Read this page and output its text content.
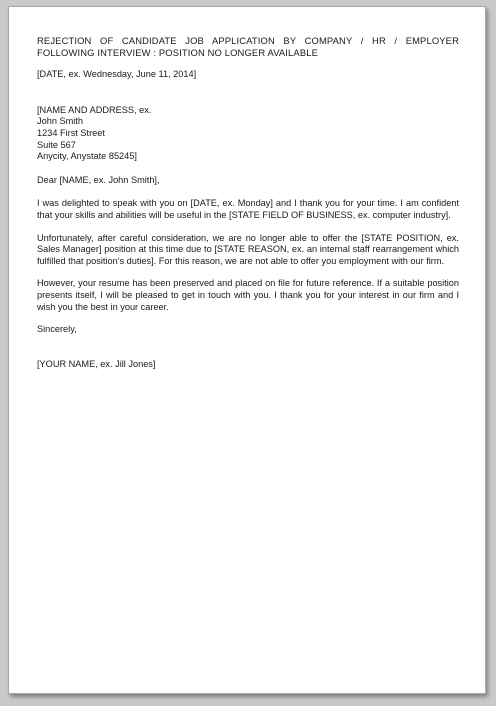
REJECTION OF CANDIDATE JOB APPLICATION BY COMPANY / HR / EMPLOYER FOLLOWING INTERVIEW : POSITION NO LONGER AVAILABLE

[DATE, ex. Wednesday, June 11, 2014]

[NAME AND ADDRESS, ex.
John Smith
1234 First Street
Suite 567
Anycity, Anystate 85245]

Dear [NAME, ex. John Smith],

I was delighted to speak with you on [DATE, ex. Monday] and I thank you for your time. I am confident that your skills and abilities will be useful in the [STATE FIELD OF BUSINESS, ex. computer industry].

Unfortunately, after careful consideration, we are no longer able to offer the [STATE POSITION, ex. Sales Manager] position at this time due to [STATE REASON, ex. an internal staff rearrangement which fulfilled that position's duties]. For this reason, we are not able to offer you employment with our firm.

However, your resume has been preserved and placed on file for future reference. If a suitable position presents itself, I will be pleased to get in touch with you. I thank you for your interest in our firm and I wish you the best in your career.

Sincerely,

[YOUR NAME, ex. Jill Jones]
